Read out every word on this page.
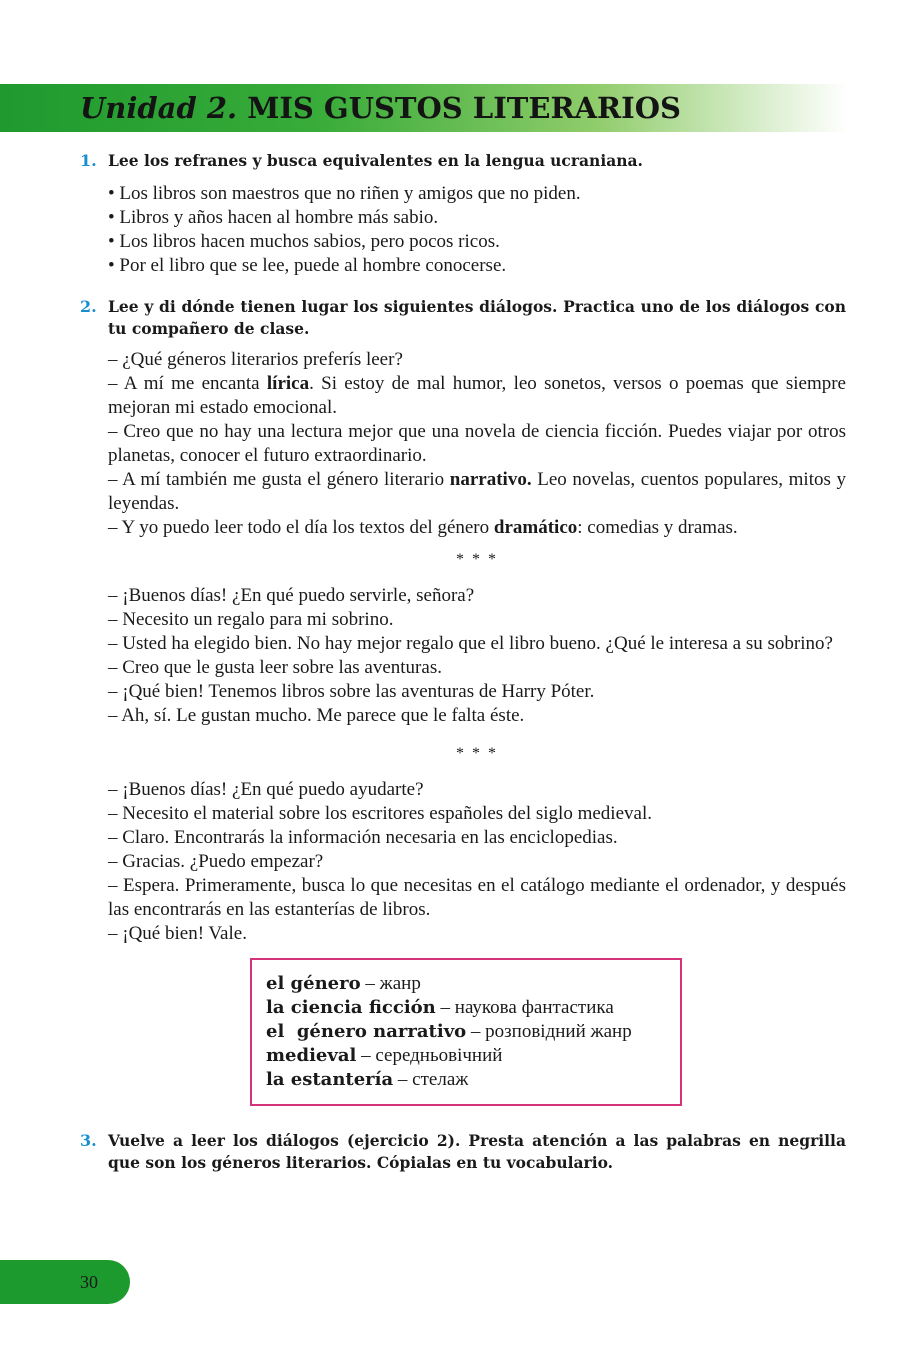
Unidad 2. MIS GUSTOS LITERARIOS
1. Lee los refranes y busca equivalentes en la lengua ucraniana.
• Los libros son maestros que no riñen y amigos que no piden.
• Libros y años hacen al hombre más sabio.
• Los libros hacen muchos sabios, pero pocos ricos.
• Por el libro que se lee, puede al hombre conocerse.
2. Lee y di dónde tienen lugar los siguientes diálogos. Practica uno de los diálogos con tu compañero de clase.

– ¿Qué géneros literarios preferís leer?

– A mí me encanta lírica. Si estoy de mal humor, leo sonetos, versos o poemas que siempre mejoran mi estado emocional.

– Creo que no hay una lectura mejor que una novela de ciencia ficción. Puedes viajar por otros planetas, conocer el futuro extraordinario.

– A mí también me gusta el género literario narrativo. Leo novelas, cuentos populares, mitos y leyendas.

– Y yo puedo leer todo el día los textos del género dramático: comedias y dramas.

* * *

– ¡Buenos días! ¿En qué puedo servirle, señora?

– Necesito un regalo para mi sobrino.

– Usted ha elegido bien. No hay mejor regalo que el libro bueno. ¿Qué le interesa a su sobrino?

– Creo que le gusta leer sobre las aventuras.

– ¡Qué bien! Tenemos libros sobre las aventuras de Harry Póter.

– Ah, sí. Le gustan mucho. Me parece que le falta éste.

* * *

– ¡Buenos días! ¿En qué puedo ayudarte?

– Necesito el material sobre los escritores españoles del siglo medieval.

– Claro. Encontrarás la información necesaria en las enciclopedias.

– Gracias. ¿Puedo empezar?

– Espera. Primeramente, busca lo que necesitas en el catálogo mediante el ordenador, y después las encontrarás en las estanterías de libros.

– ¡Qué bien! Vale.

el género – жанр

la ciencia ficción – наукова фантастика

el  género narrativo – розповідний жанр

medieval – середньовічний

la estantería – стелаж

3. Vuelve a leer los diálogos (ejercicio 2). Presta atención a las palabras en negrilla que son los géneros literarios. Cópialas en tu vocabulario.
30
